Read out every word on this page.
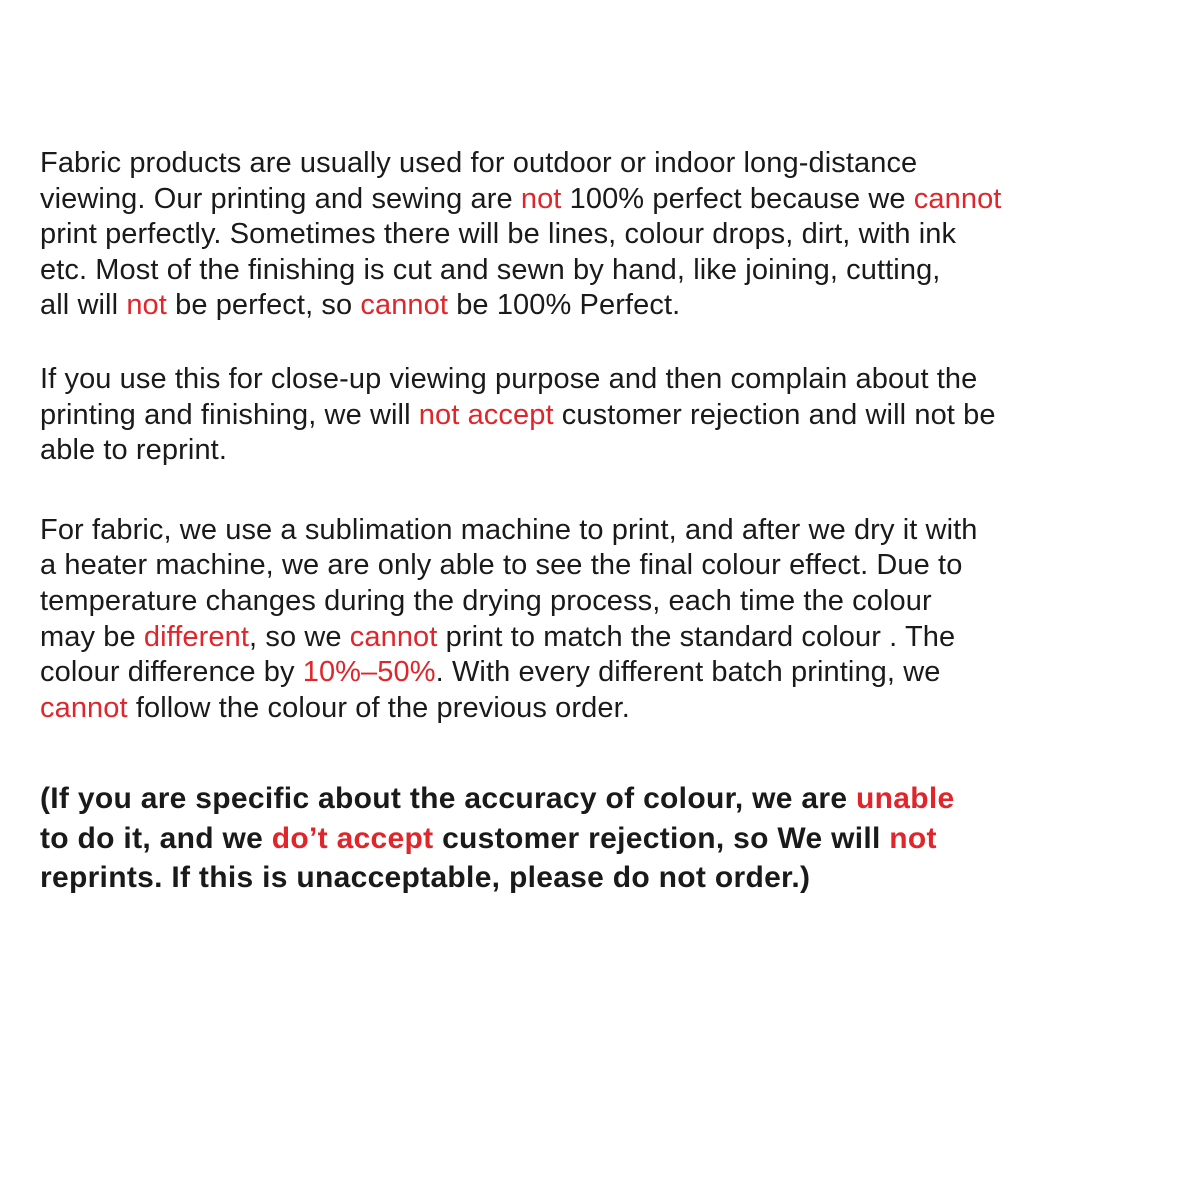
Fabric products are usually used for outdoor or indoor long-distance
viewing. Our printing and sewing are not 100% perfect because we cannot
print perfectly. Sometimes there will be lines, colour drops, dirt, with ink
etc. Most of the finishing is cut and sewn by hand, like joining, cutting,
all will not be perfect, so cannot be 100% Perfect.

If you use this for close-up viewing purpose and then complain about the
printing and finishing, we will not accept customer rejection and will not be
able to reprint.

For fabric, we use a sublimation machine to print, and after we dry it with
a heater machine, we are only able to see the final colour effect. Due to
temperature changes during the drying process, each time the colour
may be different, so we cannot print to match the standard colour . The
colour difference by 10%–50%. With every different batch printing, we
cannot follow the colour of the previous order.

(If you are specific about the accuracy of colour, we are unable
to do it, and we do’t accept customer rejection, so We will not
reprints. If this is unacceptable, please do not order.)
